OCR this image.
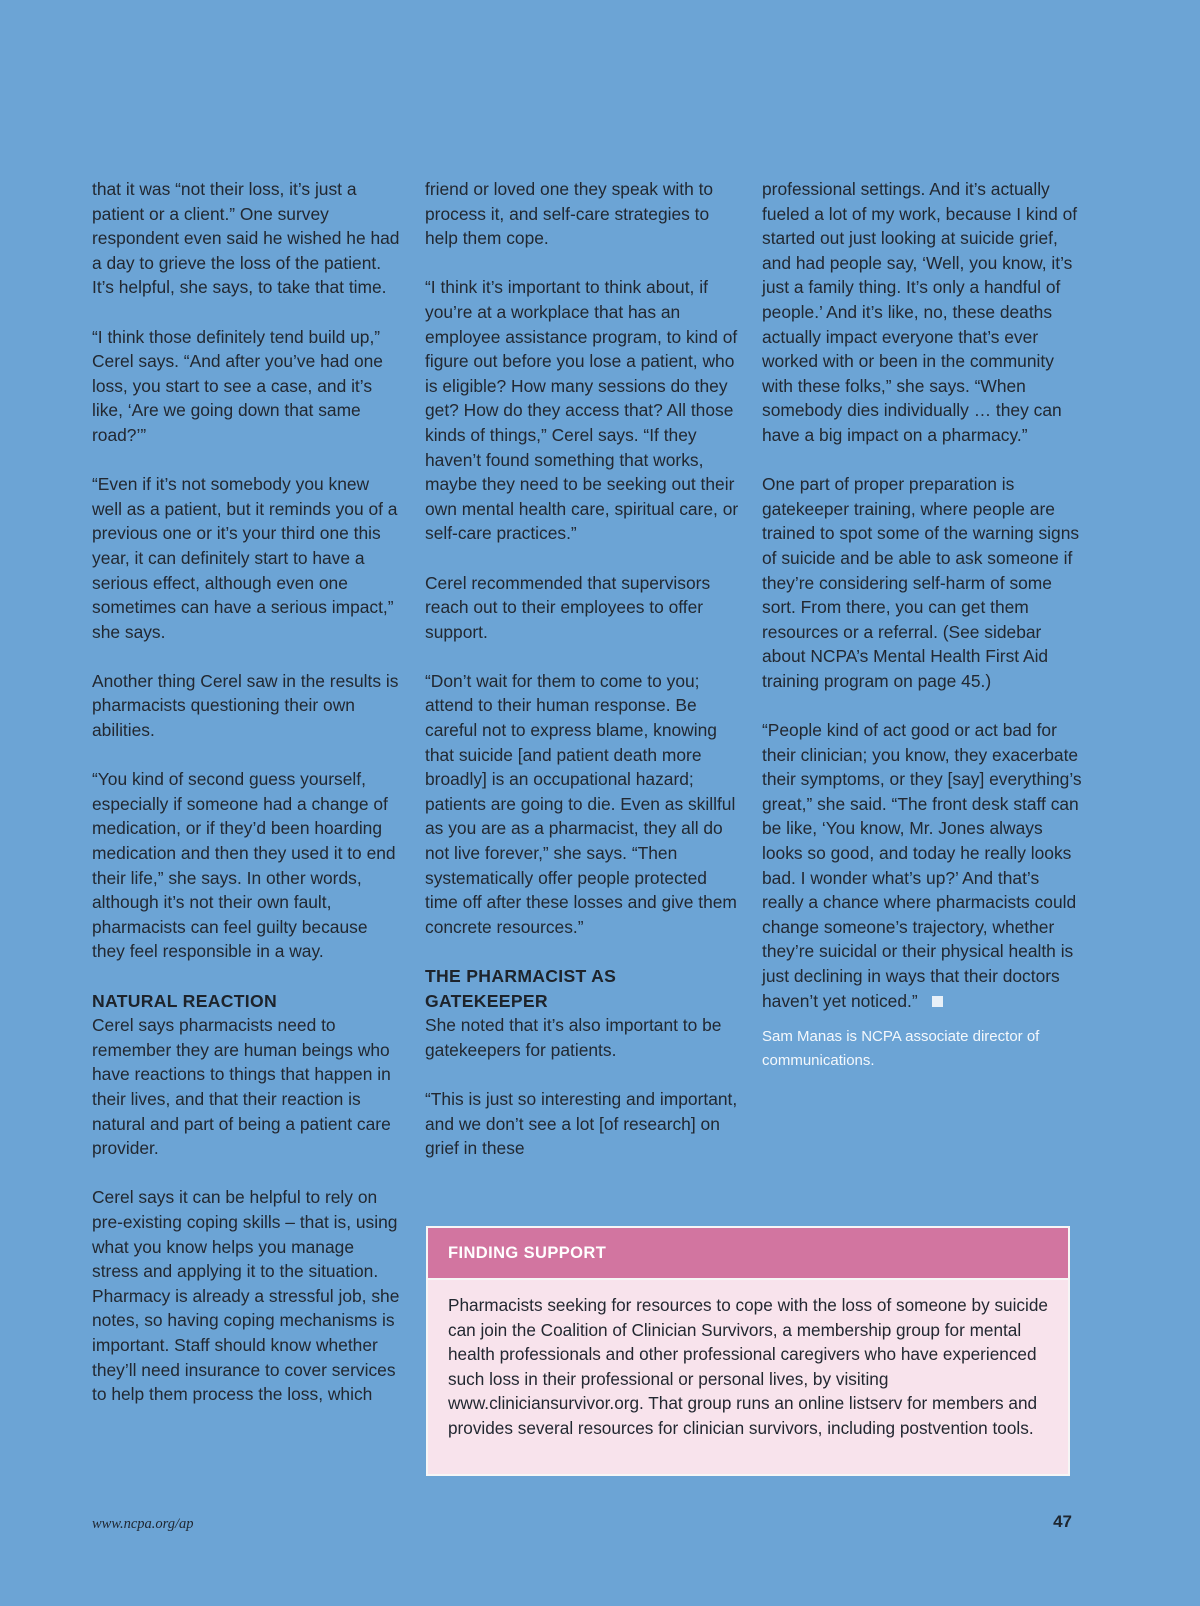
that it was “not their loss, it’s just a patient or a client.” One survey respondent even said he wished he had a day to grieve the loss of the patient. It’s helpful, she says, to take that time.

“I think those definitely tend build up,” Cerel says. “And after you’ve had one loss, you start to see a case, and it’s like, ‘Are we going down that same road?’”

“Even if it’s not somebody you knew well as a patient, but it reminds you of a previous one or it’s your third one this year, it can definitely start to have a serious effect, although even one sometimes can have a serious impact,” she says.

Another thing Cerel saw in the results is pharmacists questioning their own abilities.

“You kind of second guess yourself, especially if someone had a change of medication, or if they’d been hoarding medication and then they used it to end their life,” she says. In other words, although it’s not their own fault, pharmacists can feel guilty because they feel responsible in a way.

NATURAL REACTION

Cerel says pharmacists need to remember they are human beings who have reactions to things that happen in their lives, and that their reaction is natural and part of being a patient care provider.

Cerel says it can be helpful to rely on pre-existing coping skills – that is, using what you know helps you manage stress and applying it to the situation. Pharmacy is already a stressful job, she notes, so having coping mechanisms is important. Staff should know whether they’ll need insurance to cover services to help them process the loss, which

friend or loved one they speak with to process it, and self-care strategies to help them cope.

“I think it’s important to think about, if you’re at a workplace that has an employee assistance program, to kind of figure out before you lose a patient, who is eligible? How many sessions do they get? How do they access that? All those kinds of things,” Cerel says. “If they haven’t found something that works, maybe they need to be seeking out their own mental health care, spiritual care, or self-care practices.”

Cerel recommended that supervisors reach out to their employees to offer support.

“Don’t wait for them to come to you; attend to their human response. Be careful not to express blame, knowing that suicide [and patient death more broadly] is an occupational hazard; patients are going to die. Even as skillful as you are as a pharmacist, they all do not live forever,” she says. “Then systematically offer people protected time off after these losses and give them concrete resources.”

THE PHARMACIST AS GATEKEEPER

She noted that it’s also important to be gatekeepers for patients.

“This is just so interesting and important, and we don’t see a lot [of research] on grief in these

professional settings. And it’s actually fueled a lot of my work, because I kind of started out just looking at suicide grief, and had people say, ‘Well, you know, it’s just a family thing. It’s only a handful of people.’ And it’s like, no, these deaths actually impact everyone that’s ever worked with or been in the community with these folks,” she says. “When somebody dies individually … they can have a big impact on a pharmacy.”

One part of proper preparation is gatekeeper training, where people are trained to spot some of the warning signs of suicide and be able to ask someone if they’re considering self-harm of some sort. From there, you can get them resources or a referral. (See sidebar about NCPA’s Mental Health First Aid training program on page 45.)

“People kind of act good or act bad for their clinician; you know, they exacerbate their symptoms, or they [say] everything’s great,” she said. “The front desk staff can be like, ‘You know, Mr. Jones always looks so good, and today he really looks bad. I wonder what’s up?’ And that’s really a chance where pharmacists could change someone’s trajectory, whether they’re suicidal or their physical health is just declining in ways that their doctors haven’t yet noticed.”

Sam Manas is NCPA associate director of communications.
FINDING SUPPORT
Pharmacists seeking for resources to cope with the loss of someone by suicide can join the Coalition of Clinician Survivors, a membership group for mental health professionals and other professional caregivers who have experienced such loss in their professional or personal lives, by visiting www.cliniciansurvivor.org. That group runs an online listserv for members and provides several resources for clinician survivors, including postvention tools.
www.ncpa.org/ap	47
